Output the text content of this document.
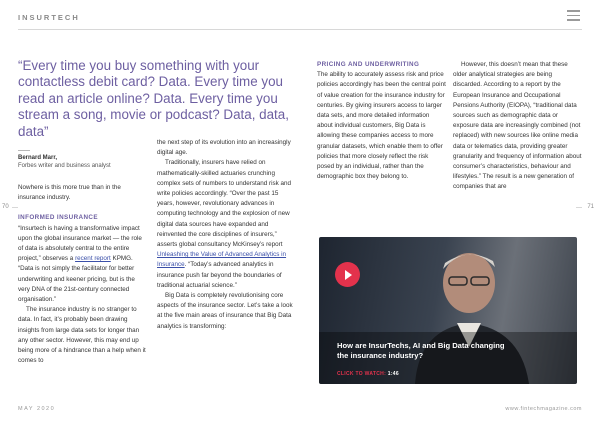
INSURTECH
“Every time you buy something with your contactless debit card? Data. Every time you read an article online? Data. Every time you stream a song, movie or podcast? Data, data, data”
Bernard Marr,
Forbes writer and business analyst
70	71

Nowhere is this more true than in the insurance industry.

INFORMED INSURANCE

“Insurtech is having a transformative impact upon the global insurance market — the role of data is absolutely central to the entire project,” observes a recent report KPMG. “Data is not simply the facilitator for better underwriting and keener pricing, but is the very DNA of the 21st-century connected organisation.”

The insurance industry is no stranger to data. In fact, it’s probably been drawing insights from large data sets for longer than any other sector. However, this may end up being more of a hindrance than a help when it comes to

the next step of its evolution into an increasingly digital age.

Traditionally, insurers have relied on mathematically-skilled actuaries crunching complex sets of numbers to understand risk and write policies accordingly. “Over the past 15 years, however, revolutionary advances in computing technology and the explosion of new digital data sources have expanded and reinvented the core disciplines of insurers,” asserts global consultancy McKinsey’s report Unleashing the Value of Advanced Analytics in Insurance. “Today’s advanced analytics in insurance push far beyond the boundaries of traditional actuarial science.”

Big Data is completely revolutionising core aspects of the insurance sector. Let’s take a look at the five main areas of insurance that Big Data analytics is transforming:

PRICING AND UNDERWRITING

The ability to accurately assess risk and price policies accordingly has been the central point of value creation for the insurance industry for centuries. By giving insurers access to larger data sets, and more detailed information about individual customers, Big Data is allowing these companies access to more granular datasets, which enable them to offer policies that more closely reflect the risk posed by an individual, rather than the demographic box they belong to.

However, this doesn’t mean that these older analytical strategies are being discarded. According to a report by the European Insurance and Occupational Pensions Authority (EIOPA), “traditional data sources such as demographic data or exposure data are increasingly combined (not replaced) with new sources like online media data or telematics data, providing greater granularity and frequency of information about consumer’s characteristics, behaviour and lifestyles.” The result is a new generation of companies that are

How are InsurTechs, AI and Big Data changing the insurance industry?
CLICK TO WATCH: 1:46
MAY 2020	www.fintechmagazine.com
